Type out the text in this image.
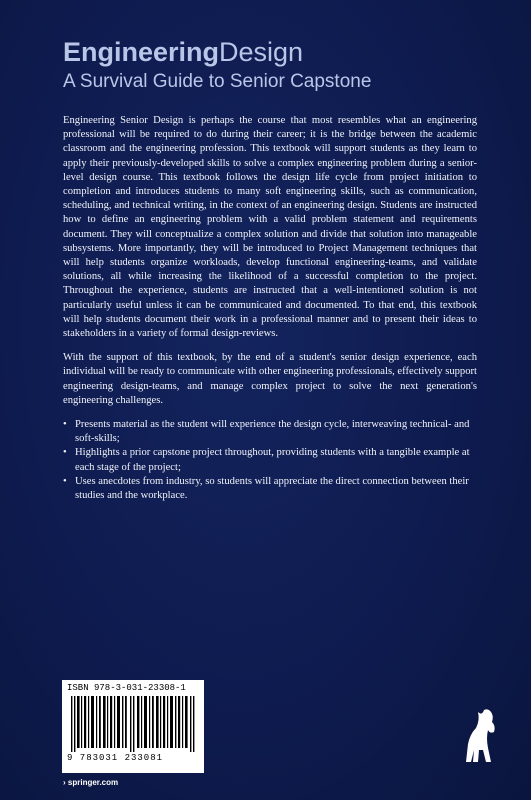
EngineeringDesign
A Survival Guide to Senior Capstone

Engineering Senior Design is perhaps the course that most resembles what an engineering professional will be required to do during their career; it is the bridge between the academic classroom and the engineering profession. This textbook will support students as they learn to apply their previously-developed skills to solve a complex engineering problem during a senior-level design course. This textbook follows the design life cycle from project initiation to completion and introduces students to many soft engineering skills, such as communication, scheduling, and technical writing, in the context of an engineering design. Students are instructed how to define an engineering problem with a valid problem statement and requirements document. They will conceptualize a complex solution and divide that solution into manageable subsystems. More importantly, they will be introduced to Project Management techniques that will help students organize workloads, develop functional engineering-teams, and validate solutions, all while increasing the likelihood of a successful completion to the project. Throughout the experience, students are instructed that a well-intentioned solution is not particularly useful unless it can be communicated and documented. To that end, this textbook will help students document their work in a professional manner and to present their ideas to stakeholders in a variety of formal design-reviews.

With the support of this textbook, by the end of a student's senior design experience, each individual will be ready to communicate with other engineering professionals, effectively support engineering design-teams, and manage complex project to solve the next generation's engineering challenges.

• Presents material as the student will experience the design cycle, interweaving technical- and soft-skills;
• Highlights a prior capstone project throughout, providing students with a tangible example at each stage of the project;
• Uses anecdotes from industry, so students will appreciate the direct connection between their studies and the workplace.
ISBN 978-3-031-23308-1
9 783031 233081
› springer.com
